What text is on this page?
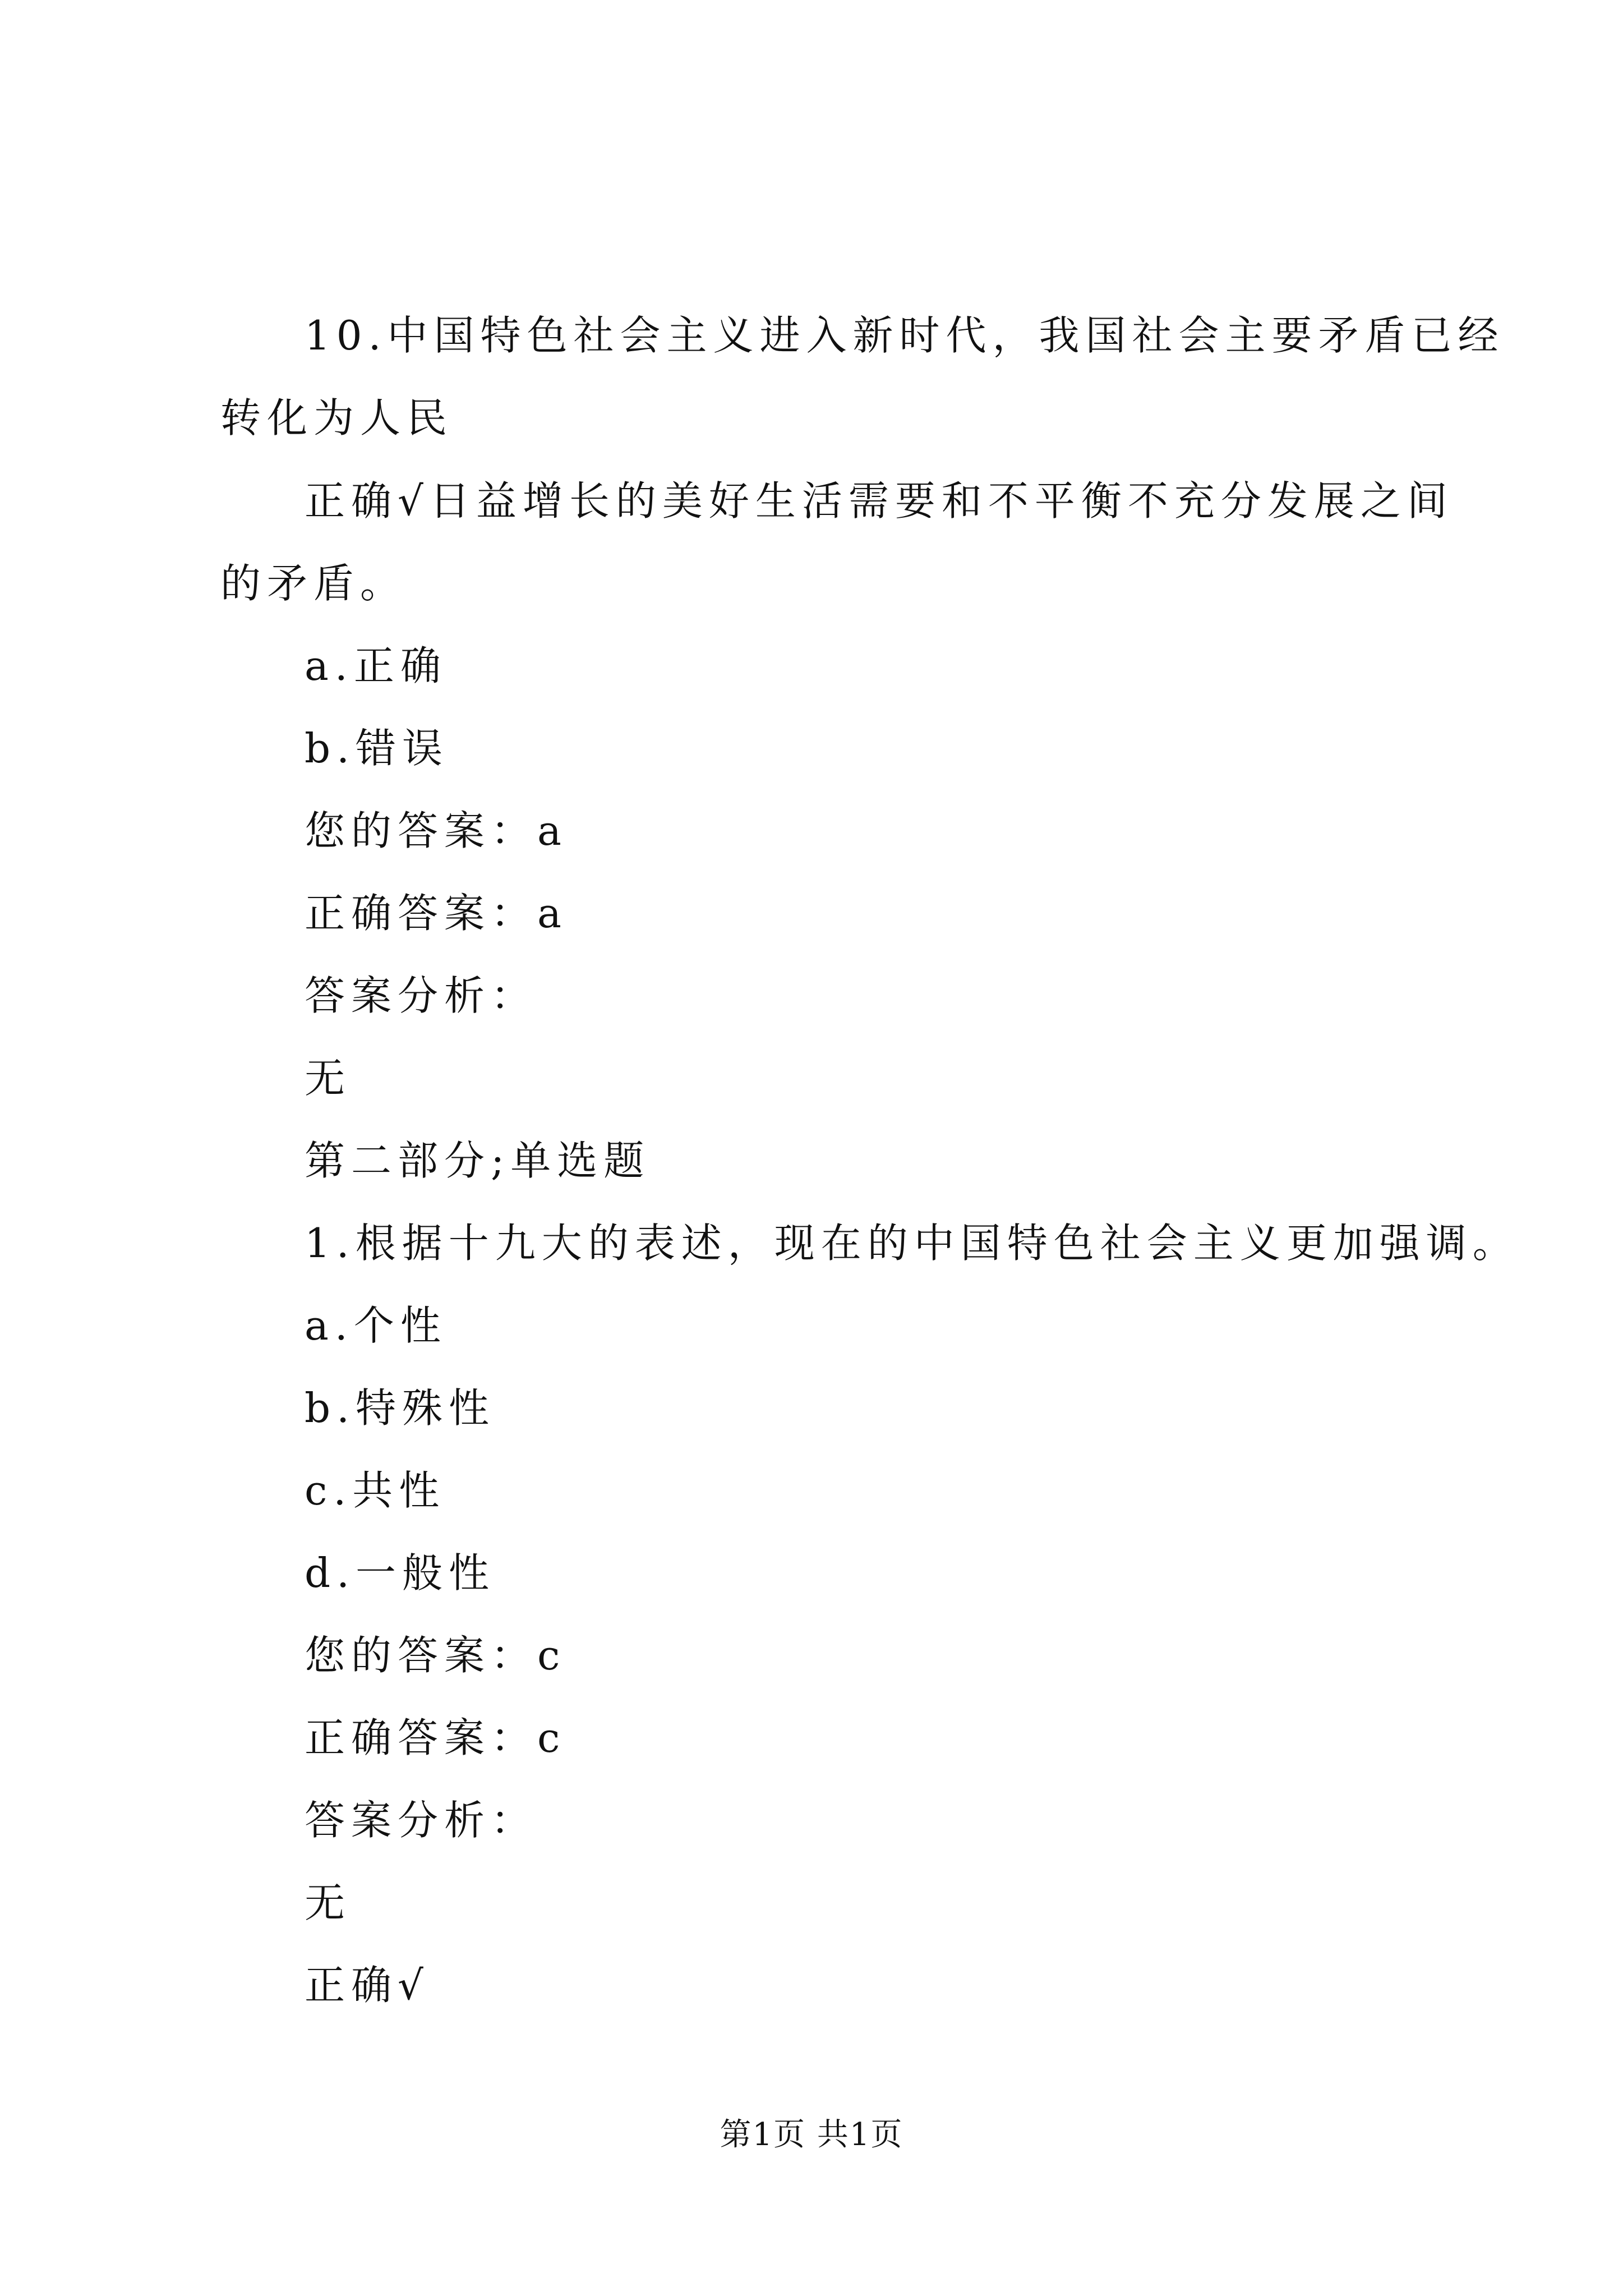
10.中国特色社会主义进入新时代，我国社会主要矛盾已经
转化为人民
正确√日益增长的美好生活需要和不平衡不充分发展之间
的矛盾。
a.正确
b.错误
您的答案：a
正确答案：a
答案分析：
无
第二部分;单选题
1.根据十九大的表述，现在的中国特色社会主义更加强调。
a.个性
b.特殊性
c.共性
d.一般性
您的答案：c
正确答案：c
答案分析：
无
正确√
第1页 共1页
